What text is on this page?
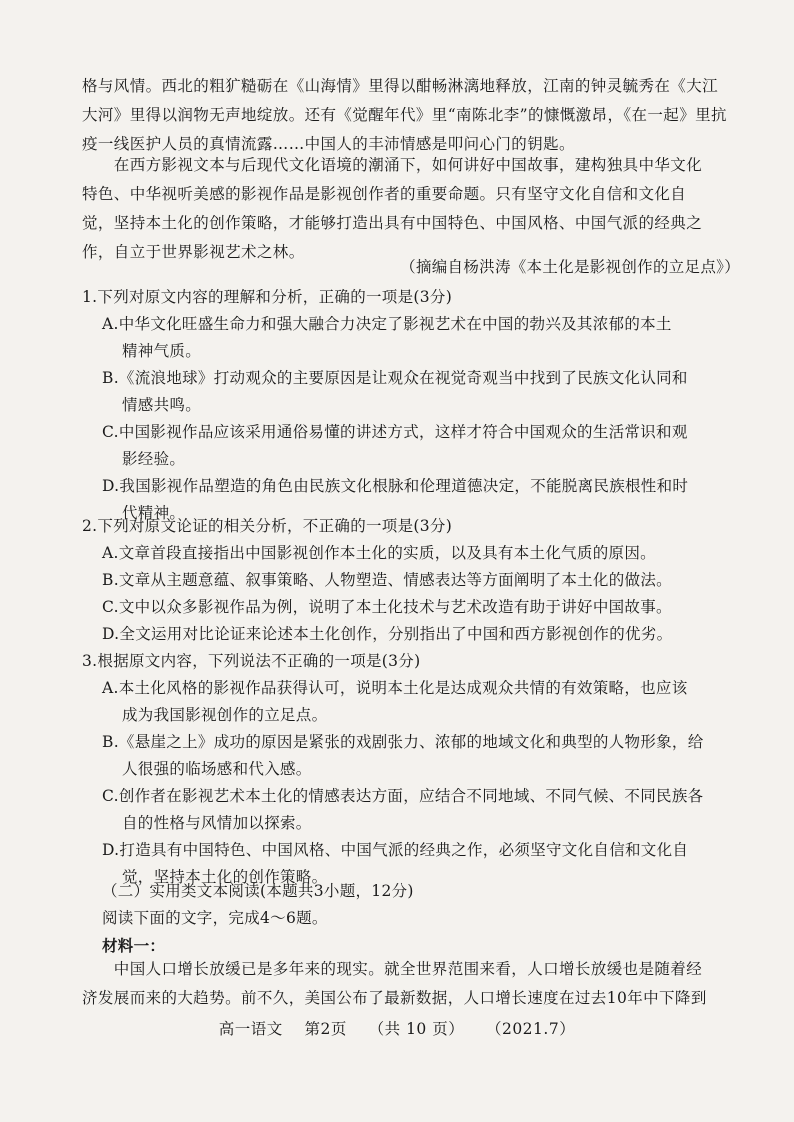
格与风情。西北的粗犷糙砺在《山海情》里得以酣畅淋漓地释放，江南的钟灵毓秀在《大江
大河》里得以润物无声地绽放。还有《觉醒年代》里“南陈北李”的慷慨激昂，《在一起》里抗
疫一线医护人员的真情流露……中国人的丰沛情感是叩问心门的钥匙。
　　在西方影视文本与后现代文化语境的潮涌下，如何讲好中国故事，建构独具中华文化
特色、中华视听美感的影视作品是影视创作者的重要命题。只有坚守文化自信和文化自
觉，坚持本土化的创作策略，才能够打造出具有中国特色、中国风格、中国气派的经典之
作，自立于世界影视艺术之林。
（摘编自杨洪涛《本土化是影视创作的立足点》）
1.下列对原文内容的理解和分析，正确的一项是(3分)
A.中华文化旺盛生命力和强大融合力决定了影视艺术在中国的勃兴及其浓郁的本土
精神气质。
B.《流浪地球》打动观众的主要原因是让观众在视觉奇观当中找到了民族文化认同和
情感共鸣。
C.中国影视作品应该采用通俗易懂的讲述方式，这样才符合中国观众的生活常识和观
影经验。
D.我国影视作品塑造的角色由民族文化根脉和伦理道德决定，不能脱离民族根性和时
代精神。
2.下列对原文论证的相关分析，不正确的一项是(3分)
A.文章首段直接指出中国影视创作本土化的实质，以及具有本土化气质的原因。
B.文章从主题意蕴、叙事策略、人物塑造、情感表达等方面阐明了本土化的做法。
C.文中以众多影视作品为例，说明了本土化技术与艺术改造有助于讲好中国故事。
D.全文运用对比论证来论述本土化创作，分别指出了中国和西方影视创作的优劣。
3.根据原文内容，下列说法不正确的一项是(3分)
A.本土化风格的影视作品获得认可，说明本土化是达成观众共情的有效策略，也应该
成为我国影视创作的立足点。
B.《悬崖之上》成功的原因是紧张的戏剧张力、浓郁的地域文化和典型的人物形象，给
人很强的临场感和代入感。
C.创作者在影视艺术本土化的情感表达方面，应结合不同地域、不同气候、不同民族各
自的性格与风情加以探索。
D.打造具有中国特色、中国风格、中国气派的经典之作，必须坚守文化自信和文化自
觉，坚持本土化的创作策略。
（二）实用类文本阅读(本题共3小题，12分)
阅读下面的文字，完成4～6题。
材料一：
　　中国人口增长放缓已是多年来的现实。就全世界范围来看，人口增长放缓也是随着经
济发展而来的大趋势。前不久，美国公布了最新数据，人口增长速度在过去10年中下降到
高一语文 第2页 （共 10 页） （2021.7）
